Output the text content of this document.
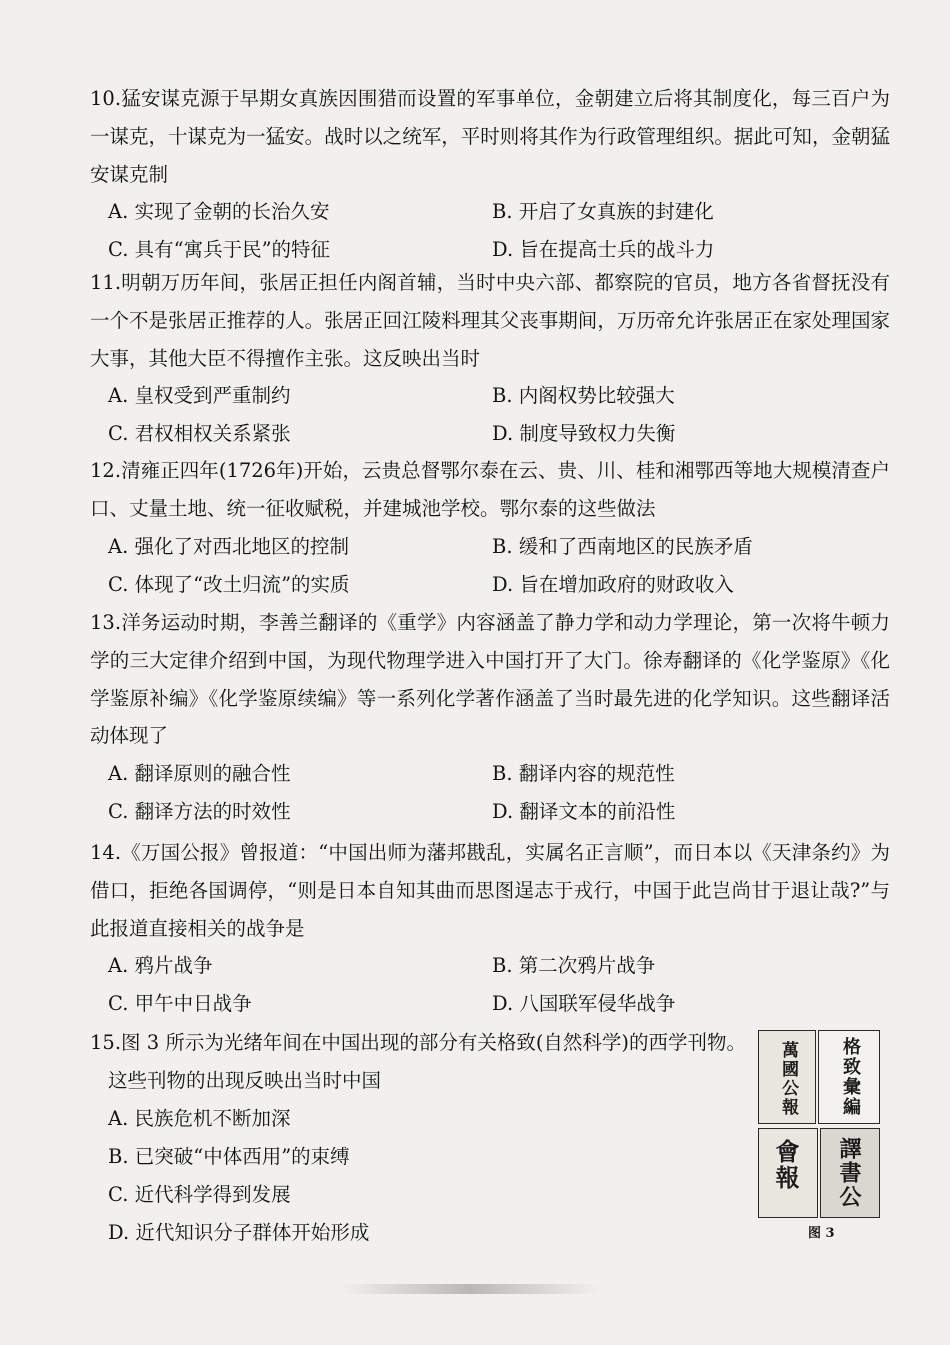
10.猛安谋克源于早期女真族因围猎而设置的军事单位，金朝建立后将其制度化，每三百户为一谋克，十谋克为一猛安。战时以之统军，平时则将其作为行政管理组织。据此可知，金朝猛安谋克制

A. 实现了金朝的长治久安	B. 开启了女真族的封建化
C. 具有“寓兵于民”的特征	D. 旨在提高士兵的战斗力

11.明朝万历年间，张居正担任内阁首辅，当时中央六部、都察院的官员，地方各省督抚没有一个不是张居正推荐的人。张居正回江陵料理其父丧事期间，万历帝允许张居正在家处理国家大事，其他大臣不得擅作主张。这反映出当时

A. 皇权受到严重制约	B. 内阁权势比较强大
C. 君权相权关系紧张	D. 制度导致权力失衡

12.清雍正四年(1726年)开始，云贵总督鄂尔泰在云、贵、川、桂和湘鄂西等地大规模清查户口、丈量土地、统一征收赋税，并建城池学校。鄂尔泰的这些做法

A. 强化了对西北地区的控制	B. 缓和了西南地区的民族矛盾
C. 体现了“改土归流”的实质	D. 旨在增加政府的财政收入

13.洋务运动时期，李善兰翻译的《重学》内容涵盖了静力学和动力学理论，第一次将牛顿力学的三大定律介绍到中国，为现代物理学进入中国打开了大门。徐寿翻译的《化学鉴原》《化学鉴原补编》《化学鉴原续编》等一系列化学著作涵盖了当时最先进的化学知识。这些翻译活动体现了

A. 翻译原则的融合性	B. 翻译内容的规范性
C. 翻译方法的时效性	D. 翻译文本的前沿性

14.《万国公报》曾报道：“中国出师为藩邦戡乱，实属名正言顺”，而日本以《天津条约》为借口，拒绝各国调停，“则是日本自知其曲而思图逞志于戎行，中国于此岂尚甘于退让哉?”与此报道直接相关的战争是

A. 鸦片战争	B. 第二次鸦片战争
C. 甲午中日战争	D. 八国联军侵华战争

15.图 3 所示为光绪年间在中国出现的部分有关格致(自然科学)的西学刊物。

这些刊物的出现反映出当时中国

A. 民族危机不断加深
B. 已突破“中体西用”的束缚
C. 近代科学得到发展
D. 近代知识分子群体开始形成
萬國公報 格致彙編
會報 譯書公
图 3
